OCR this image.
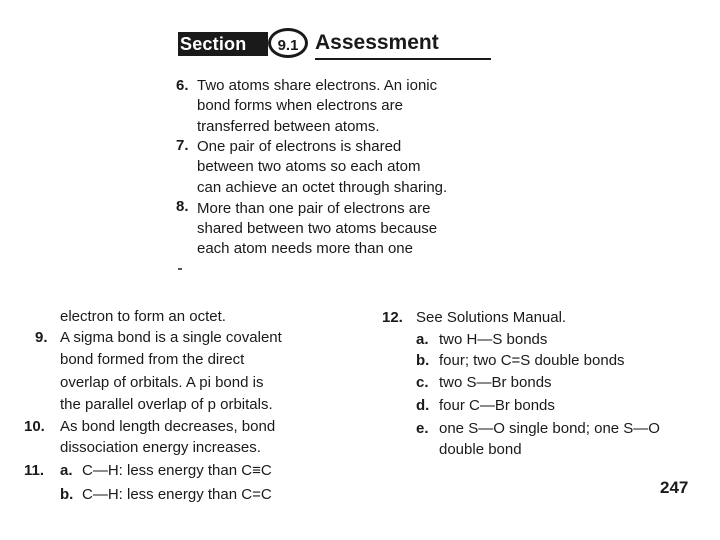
Section	9.1 Assessment
6. Two atoms share electrons. An ionic
bond forms when electrons are
transferred between atoms.
7. One pair of electrons is shared
between two atoms so each atom
can achieve an octet through sharing.
8. More than one pair of electrons are
shared between two atoms because
each atom needs more than one
electron to form an octet.
9. A sigma bond is a single covalent
bond formed from the direct
overlap of orbitals. A pi bond is
the parallel overlap of p orbitals.
10. As bond length decreases, bond
dissociation energy increases.
11. a. C—H: less energy than C≡C
b. C—H: less energy than C=C
12. See Solutions Manual.
a. two H—S bonds
b. four; two C=S double bonds
c. two S—Br bonds
d. four C—Br bonds
e. one S—O single bond; one S—O
double bond
247
